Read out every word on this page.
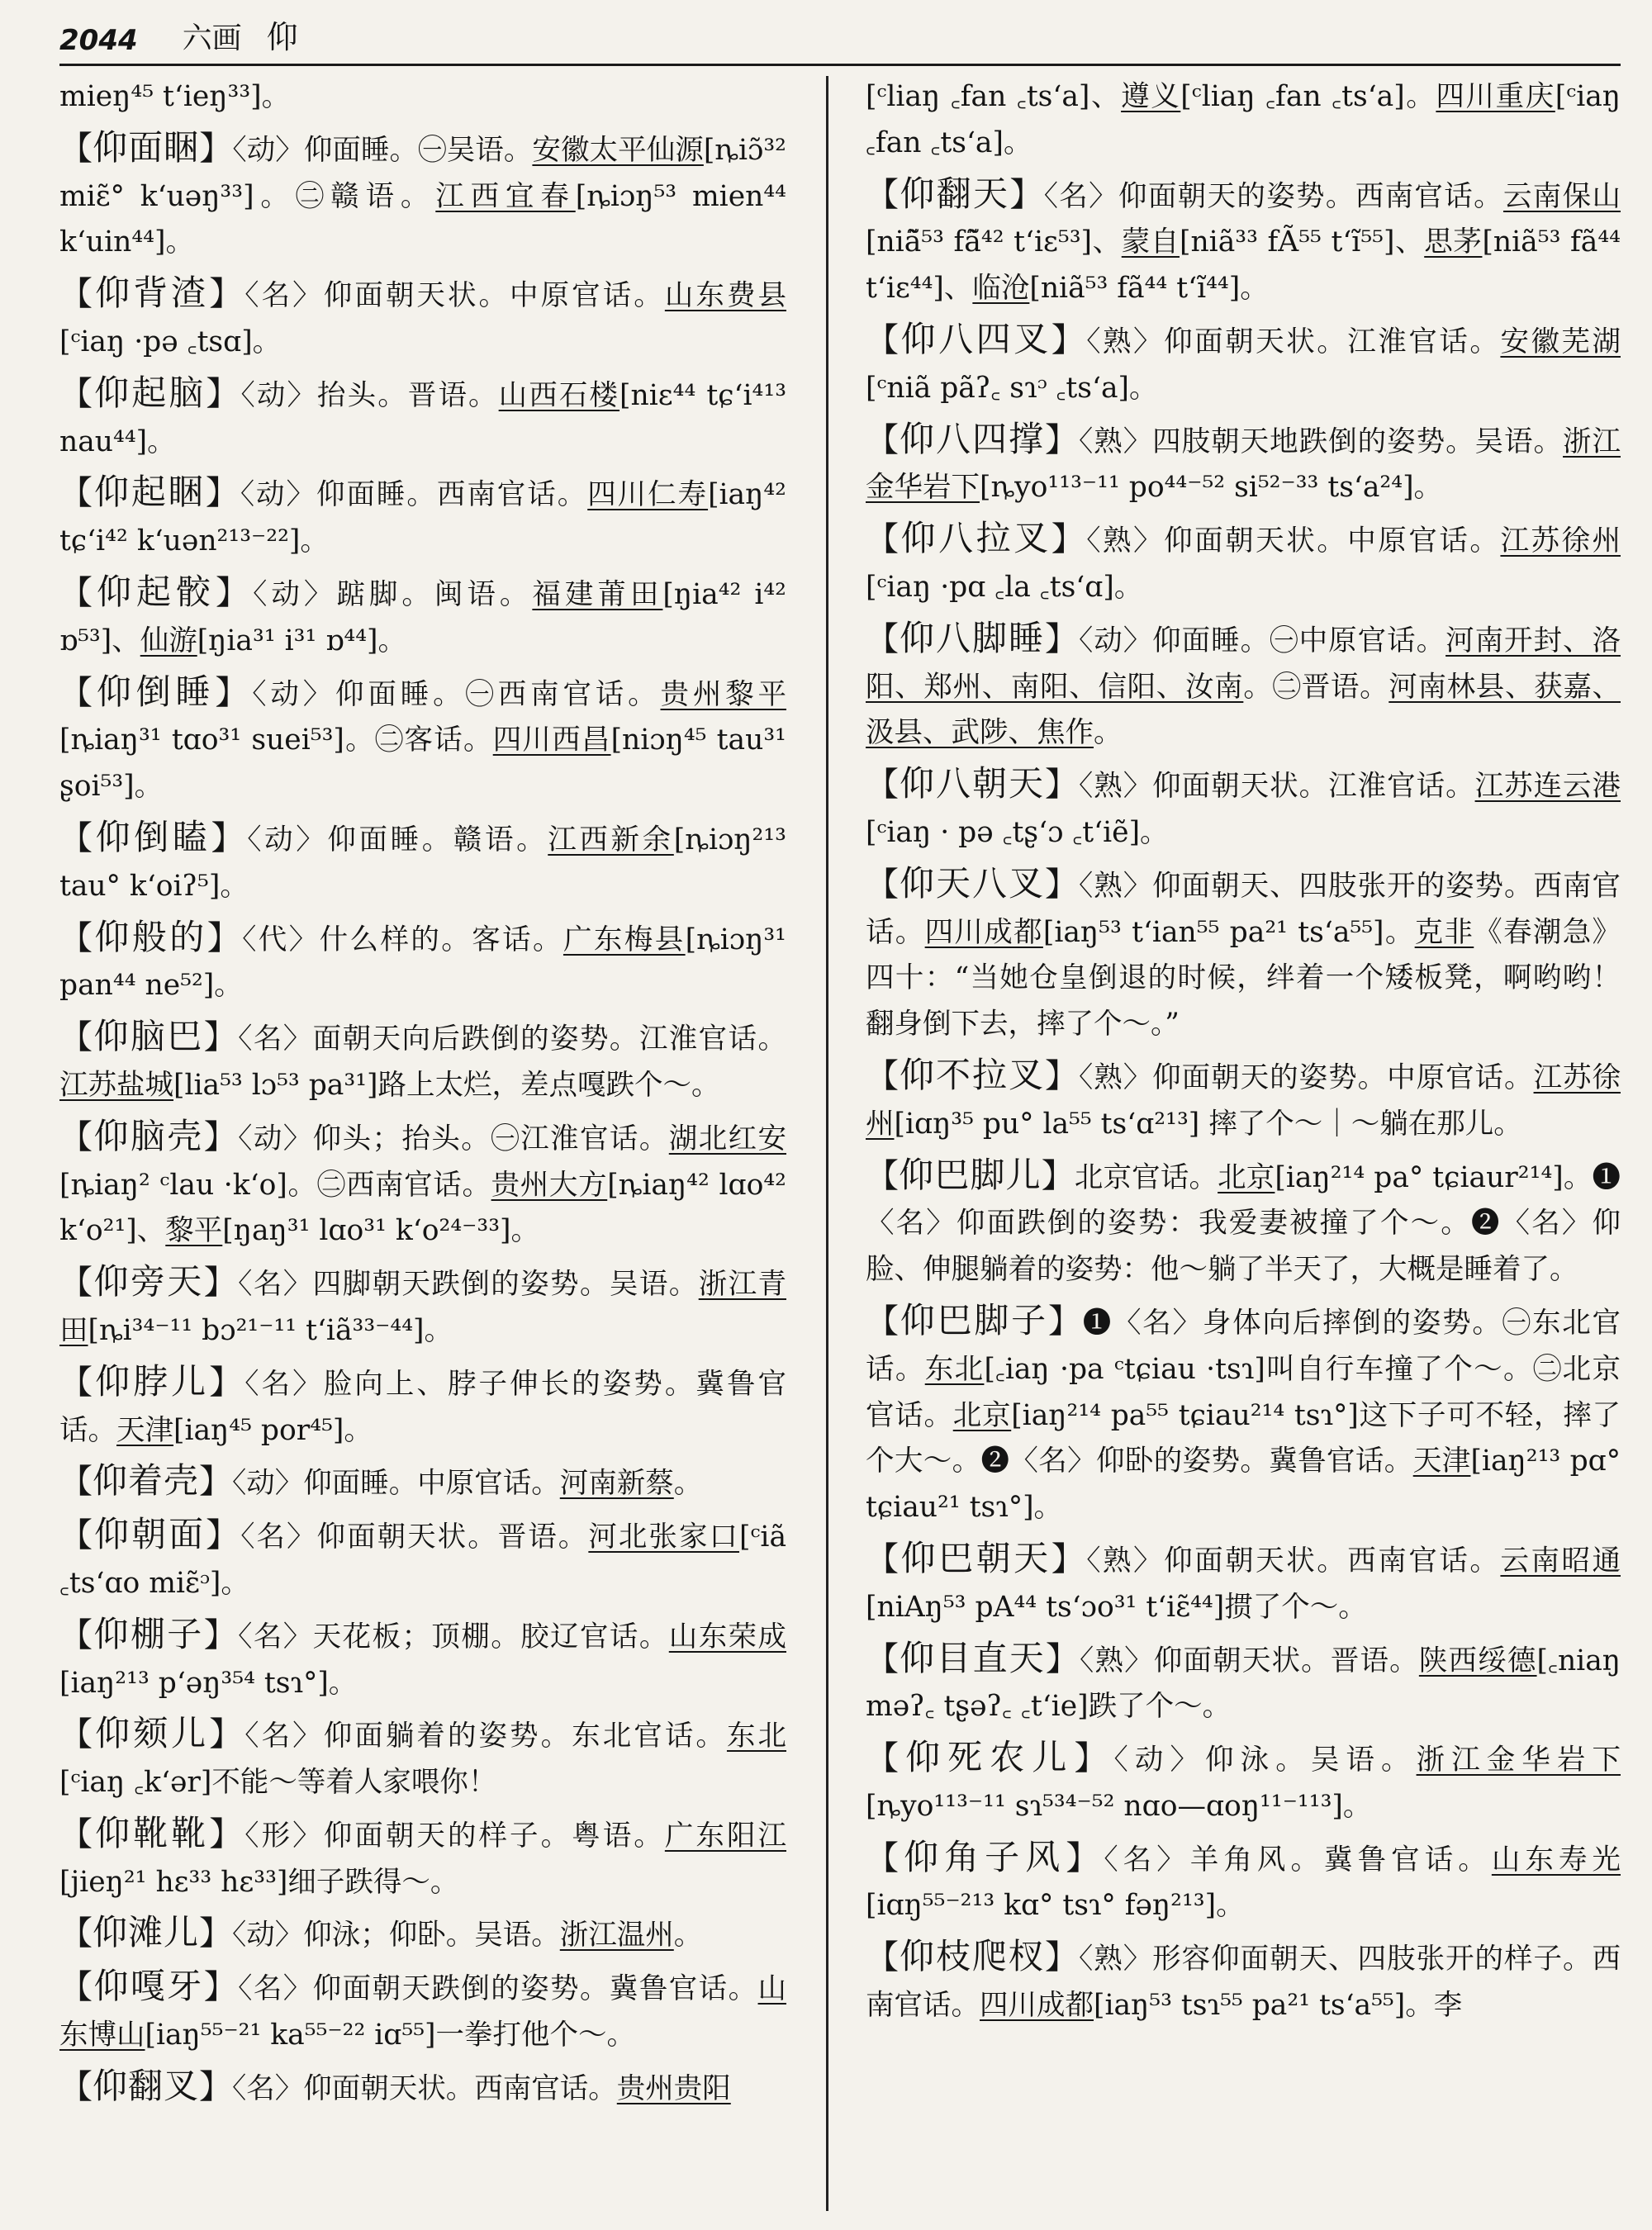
2044 六画 仰

mieŋ⁴⁵ t‘ieŋ³³]。

【仰面睏】〈动〉仰面睡。㊀吴语。安徽太平仙源[ȵiɔ̃³² miɛ̃° k‘uəŋ³³]。㊁赣语。江西宜春[ȵiɔŋ⁵³ mien⁴⁴ k‘uin⁴⁴]。

【仰背渣】〈名〉仰面朝天状。中原官话。山东费县[ᶜiaŋ ·pə ꜀tsɑ]。

【仰起脑】〈动〉抬头。晋语。山西石楼[niɛ⁴⁴ tɕ‘i⁴¹³ nau⁴⁴]。

【仰起睏】〈动〉仰面睡。西南官话。四川仁寿[iaŋ⁴² tɕ‘i⁴² k‘uən²¹³⁻²²]。

【仰起骹】〈动〉踮脚。闽语。福建莆田[ŋia⁴² i⁴² ɒ⁵³]、仙游[ŋia³¹ i³¹ ɒ⁴⁴]。

【仰倒睡】〈动〉仰面睡。㊀西南官话。贵州黎平[ȵiaŋ³¹ tɑo³¹ suei⁵³]。㊁客话。四川西昌[niɔŋ⁴⁵ tau³¹ ʂoi⁵³]。

【仰倒瞌】〈动〉仰面睡。赣语。江西新余[ȵiɔŋ²¹³ tau° k‘oiʔ⁵]。

【仰般的】〈代〉什么样的。客话。广东梅县[ȵiɔŋ³¹ pan⁴⁴ ne⁵²]。

【仰脑巴】〈名〉面朝天向后跌倒的姿势。江淮官话。江苏盐城[lia⁵³ lɔ⁵³ pa³¹]路上太烂，差点嘎跌个～。

【仰脑壳】〈动〉仰头；抬头。㊀江淮官话。湖北红安[ȵiaŋ² ᶜlau ·k‘o]。㊁西南官话。贵州大方[ȵiaŋ⁴² lɑo⁴² k‘o²¹]、黎平[ŋaŋ³¹ lɑo³¹ k‘o²⁴⁻³³]。

【仰旁天】〈名〉四脚朝天跌倒的姿势。吴语。浙江青田[ȵi³⁴⁻¹¹ bɔ²¹⁻¹¹ t‘iã³³⁻⁴⁴]。

【仰脖儿】〈名〉脸向上、脖子伸长的姿势。冀鲁官话。天津[iaŋ⁴⁵ por⁴⁵]。

【仰着壳】〈动〉仰面睡。中原官话。河南新蔡。

【仰朝面】〈名〉仰面朝天状。晋语。河北张家口[ᶜiã ꜀ts‘ɑo miɛ̃ᵓ]。

【仰棚子】〈名〉天花板；顶棚。胶辽官话。山东荣成[iaŋ²¹³ p‘əŋ³⁵⁴ tsɿ°]。

【仰颏儿】〈名〉仰面躺着的姿势。东北官话。东北[ᶜiaŋ ꜀k‘ər]不能～等着人家喂你！

【仰靴靴】〈形〉仰面朝天的样子。粤语。广东阳江[jieŋ²¹ hɛ³³ hɛ³³]细子跌得～。

【仰滩儿】〈动〉仰泳；仰卧。吴语。浙江温州。

【仰嘎牙】〈名〉仰面朝天跌倒的姿势。冀鲁官话。山东博山[iaŋ⁵⁵⁻²¹ ka⁵⁵⁻²² iɑ⁵⁵]一拳打他个～。

【仰翻叉】〈名〉仰面朝天状。西南官话。贵州贵阳

[ᶜliaŋ ꜀fan ꜀ts‘a]、遵义[ᶜliaŋ ꜀fan ꜀ts‘a]。四川重庆[ᶜiaŋ ꜀fan ꜀ts‘a]。

【仰翻天】〈名〉仰面朝天的姿势。西南官话。云南保山[niã̃⁵³ fã̃⁴² t‘iɛ⁵³]、蒙自[niã³³ fÃ⁵⁵ t‘ĩ⁵⁵]、思茅[niã⁵³ fã⁴⁴ t‘iɛ⁴⁴]、临沧[niã⁵³ fã⁴⁴ t‘ĩ⁴⁴]。

【仰八四叉】〈熟〉仰面朝天状。江淮官话。安徽芜湖[ᶜniã pãʔ꜀ sɿᵓ ꜀ts‘a]。

【仰八四撑】〈熟〉四肢朝天地跌倒的姿势。吴语。浙江金华岩下[ȵyo¹¹³⁻¹¹ po⁴⁴⁻⁵² si⁵²⁻³³ ts‘a²⁴]。

【仰八拉叉】〈熟〉仰面朝天状。中原官话。江苏徐州[ᶜiaŋ ·pɑ ꜀la ꜀ts‘ɑ]。

【仰八脚睡】〈动〉仰面睡。㊀中原官话。河南开封、洛阳、郑州、南阳、信阳、汝南。㊁晋语。河南林县、获嘉、汲县、武陟、焦作。

【仰八朝天】〈熟〉仰面朝天状。江淮官话。江苏连云港[ᶜiaŋ · pə ꜀tʂ‘ɔ ꜀t‘iẽ]。

【仰天八叉】〈熟〉仰面朝天、四肢张开的姿势。西南官话。四川成都[iaŋ⁵³ t‘ian⁵⁵ pa²¹ ts‘a⁵⁵]。克非《春潮急》四十：“当她仓皇倒退的时候，绊着一个矮板凳，啊哟哟！翻身倒下去，摔了个～。”

【仰不拉叉】〈熟〉仰面朝天的姿势。中原官话。江苏徐州[iɑŋ³⁵ pu° la⁵⁵ ts‘ɑ²¹³] 摔了个～｜～躺在那儿。

【仰巴脚儿】北京官话。北京[iaŋ²¹⁴ pa° tɕiaur²¹⁴]。❶〈名〉仰面跌倒的姿势：我爱妻被撞了个～。❷〈名〉仰脸、伸腿躺着的姿势：他～躺了半天了，大概是睡着了。

【仰巴脚子】❶〈名〉身体向后摔倒的姿势。㊀东北官话。东北[꜀iaŋ ·pa ᶜtɕiau ·tsɿ]叫自行车撞了个～。㊁北京官话。北京[iaŋ²¹⁴ pa⁵⁵ tɕiau²¹⁴ tsɿ°]这下子可不轻，摔了个大～。❷〈名〉仰卧的姿势。冀鲁官话。天津[iaŋ²¹³ pɑ° tɕiau²¹ tsɿ°]。

【仰巴朝天】〈熟〉仰面朝天状。西南官话。云南昭通[niAŋ⁵³ pA⁴⁴ ts‘ɔo³¹ t‘iɛ̃⁴⁴]掼了个～。

【仰目直天】〈熟〉仰面朝天状。晋语。陕西绥德[꜀niaŋ məʔ꜀ tʂəʔ꜀ ꜀t‘ie]跌了个～。

【仰死农儿】〈动〉仰泳。吴语。浙江金华岩下[ȵyo¹¹³⁻¹¹ sɿ⁵³⁴⁻⁵² nɑo—ɑoŋ¹¹⁻¹¹³]。

【仰角子风】〈名〉羊角风。冀鲁官话。山东寿光[iɑŋ⁵⁵⁻²¹³ kɑ° tsɿ° fəŋ²¹³]。

【仰枝爬杈】〈熟〉形容仰面朝天、四肢张开的样子。西南官话。四川成都[iaŋ⁵³ tsɿ⁵⁵ pa²¹ ts‘a⁵⁵]。李
